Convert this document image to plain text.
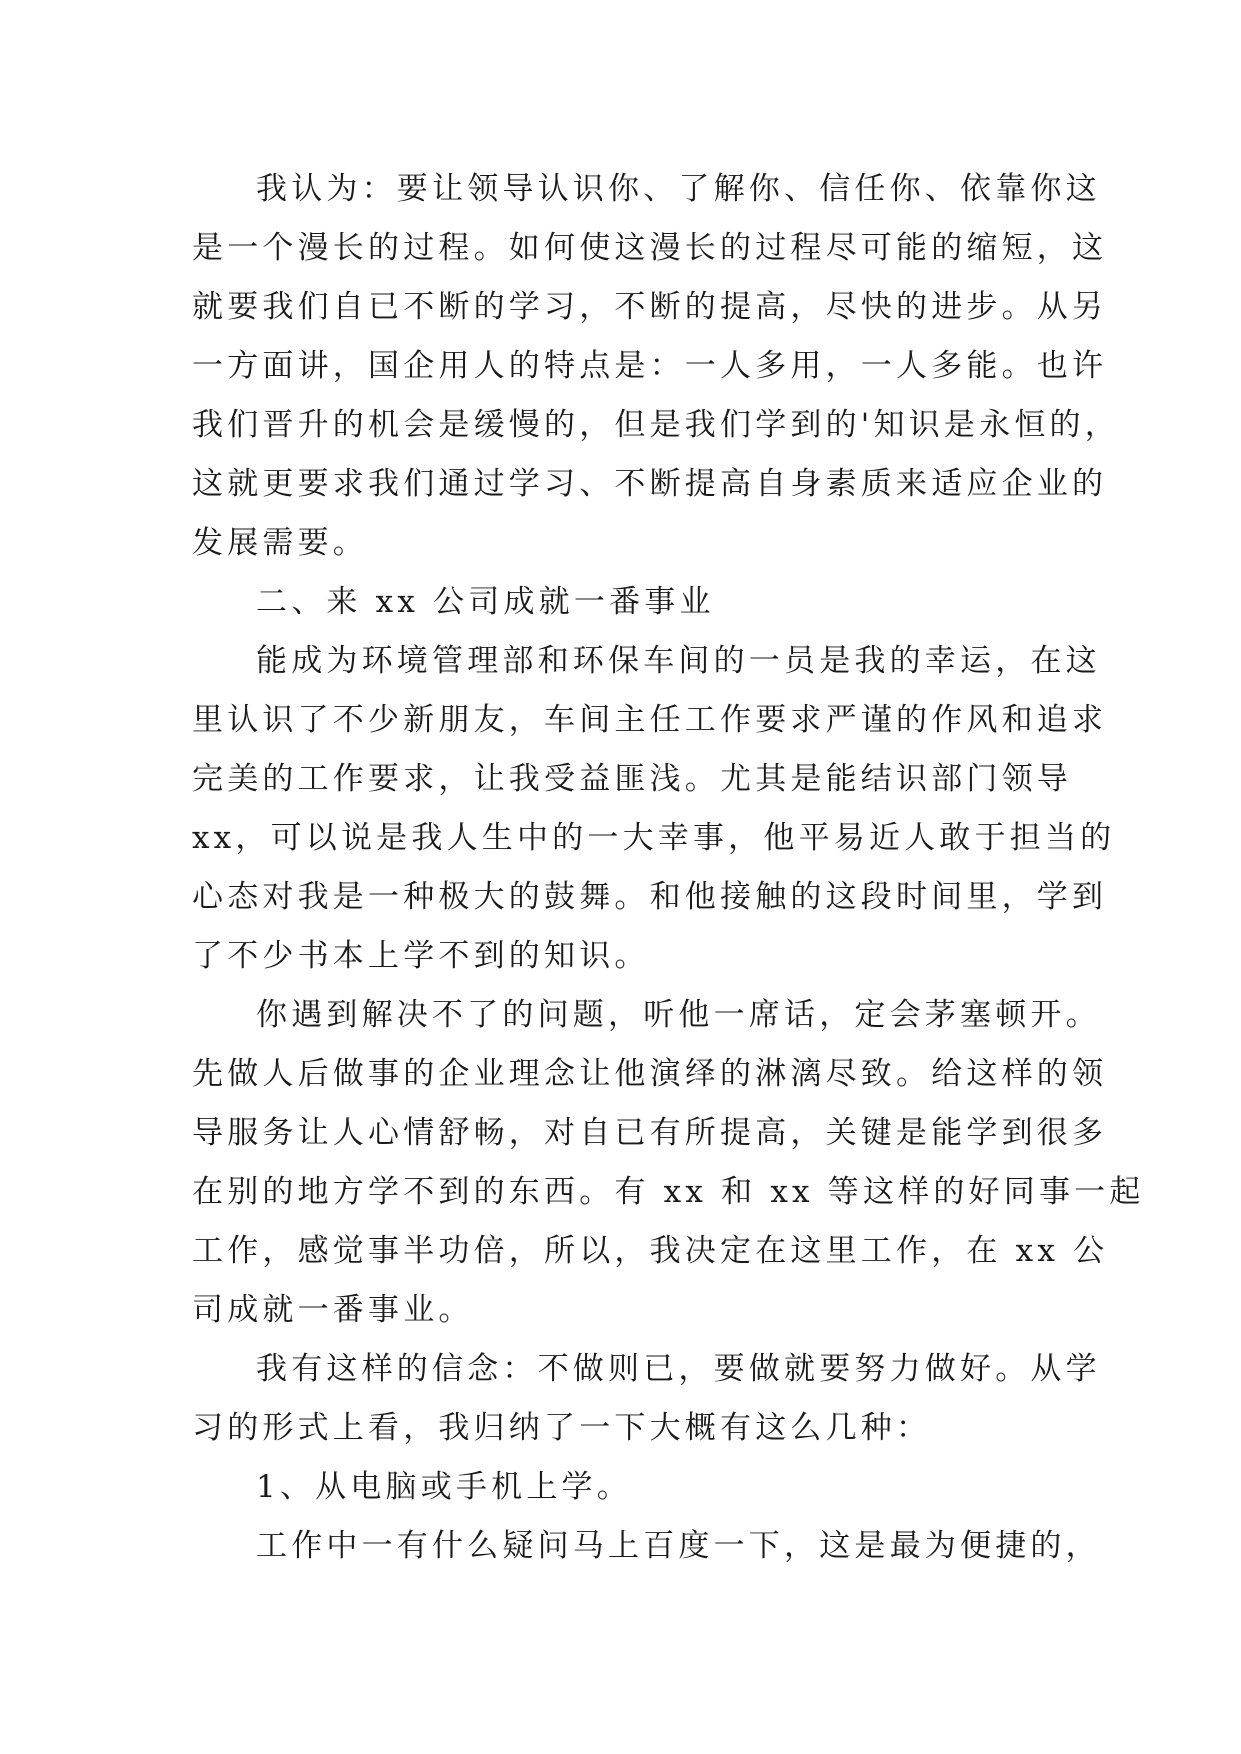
我认为：要让领导认识你、了解你、信任你、依靠你这
是一个漫长的过程。如何使这漫长的过程尽可能的缩短，这
就要我们自已不断的学习，不断的提高，尽快的进步。从另
一方面讲，国企用人的特点是：一人多用，一人多能。也许
我们晋升的机会是缓慢的，但是我们学到的'知识是永恒的，
这就更要求我们通过学习、不断提高自身素质来适应企业的
发展需要。
二、来 xx 公司成就一番事业
能成为环境管理部和环保车间的一员是我的幸运，在这
里认识了不少新朋友，车间主任工作要求严谨的作风和追求
完美的工作要求，让我受益匪浅。尤其是能结识部门领导
xx，可以说是我人生中的一大幸事，他平易近人敢于担当的
心态对我是一种极大的鼓舞。和他接触的这段时间里，学到
了不少书本上学不到的知识。
你遇到解决不了的问题，听他一席话，定会茅塞顿开。
先做人后做事的企业理念让他演绎的淋漓尽致。给这样的领
导服务让人心情舒畅，对自已有所提高，关键是能学到很多
在别的地方学不到的东西。有 xx 和 xx 等这样的好同事一起
工作，感觉事半功倍，所以，我决定在这里工作，在 xx 公
司成就一番事业。
我有这样的信念：不做则已，要做就要努力做好。从学
习的形式上看，我归纳了一下大概有这么几种：
1、从电脑或手机上学。
工作中一有什么疑问马上百度一下，这是最为便捷的，
